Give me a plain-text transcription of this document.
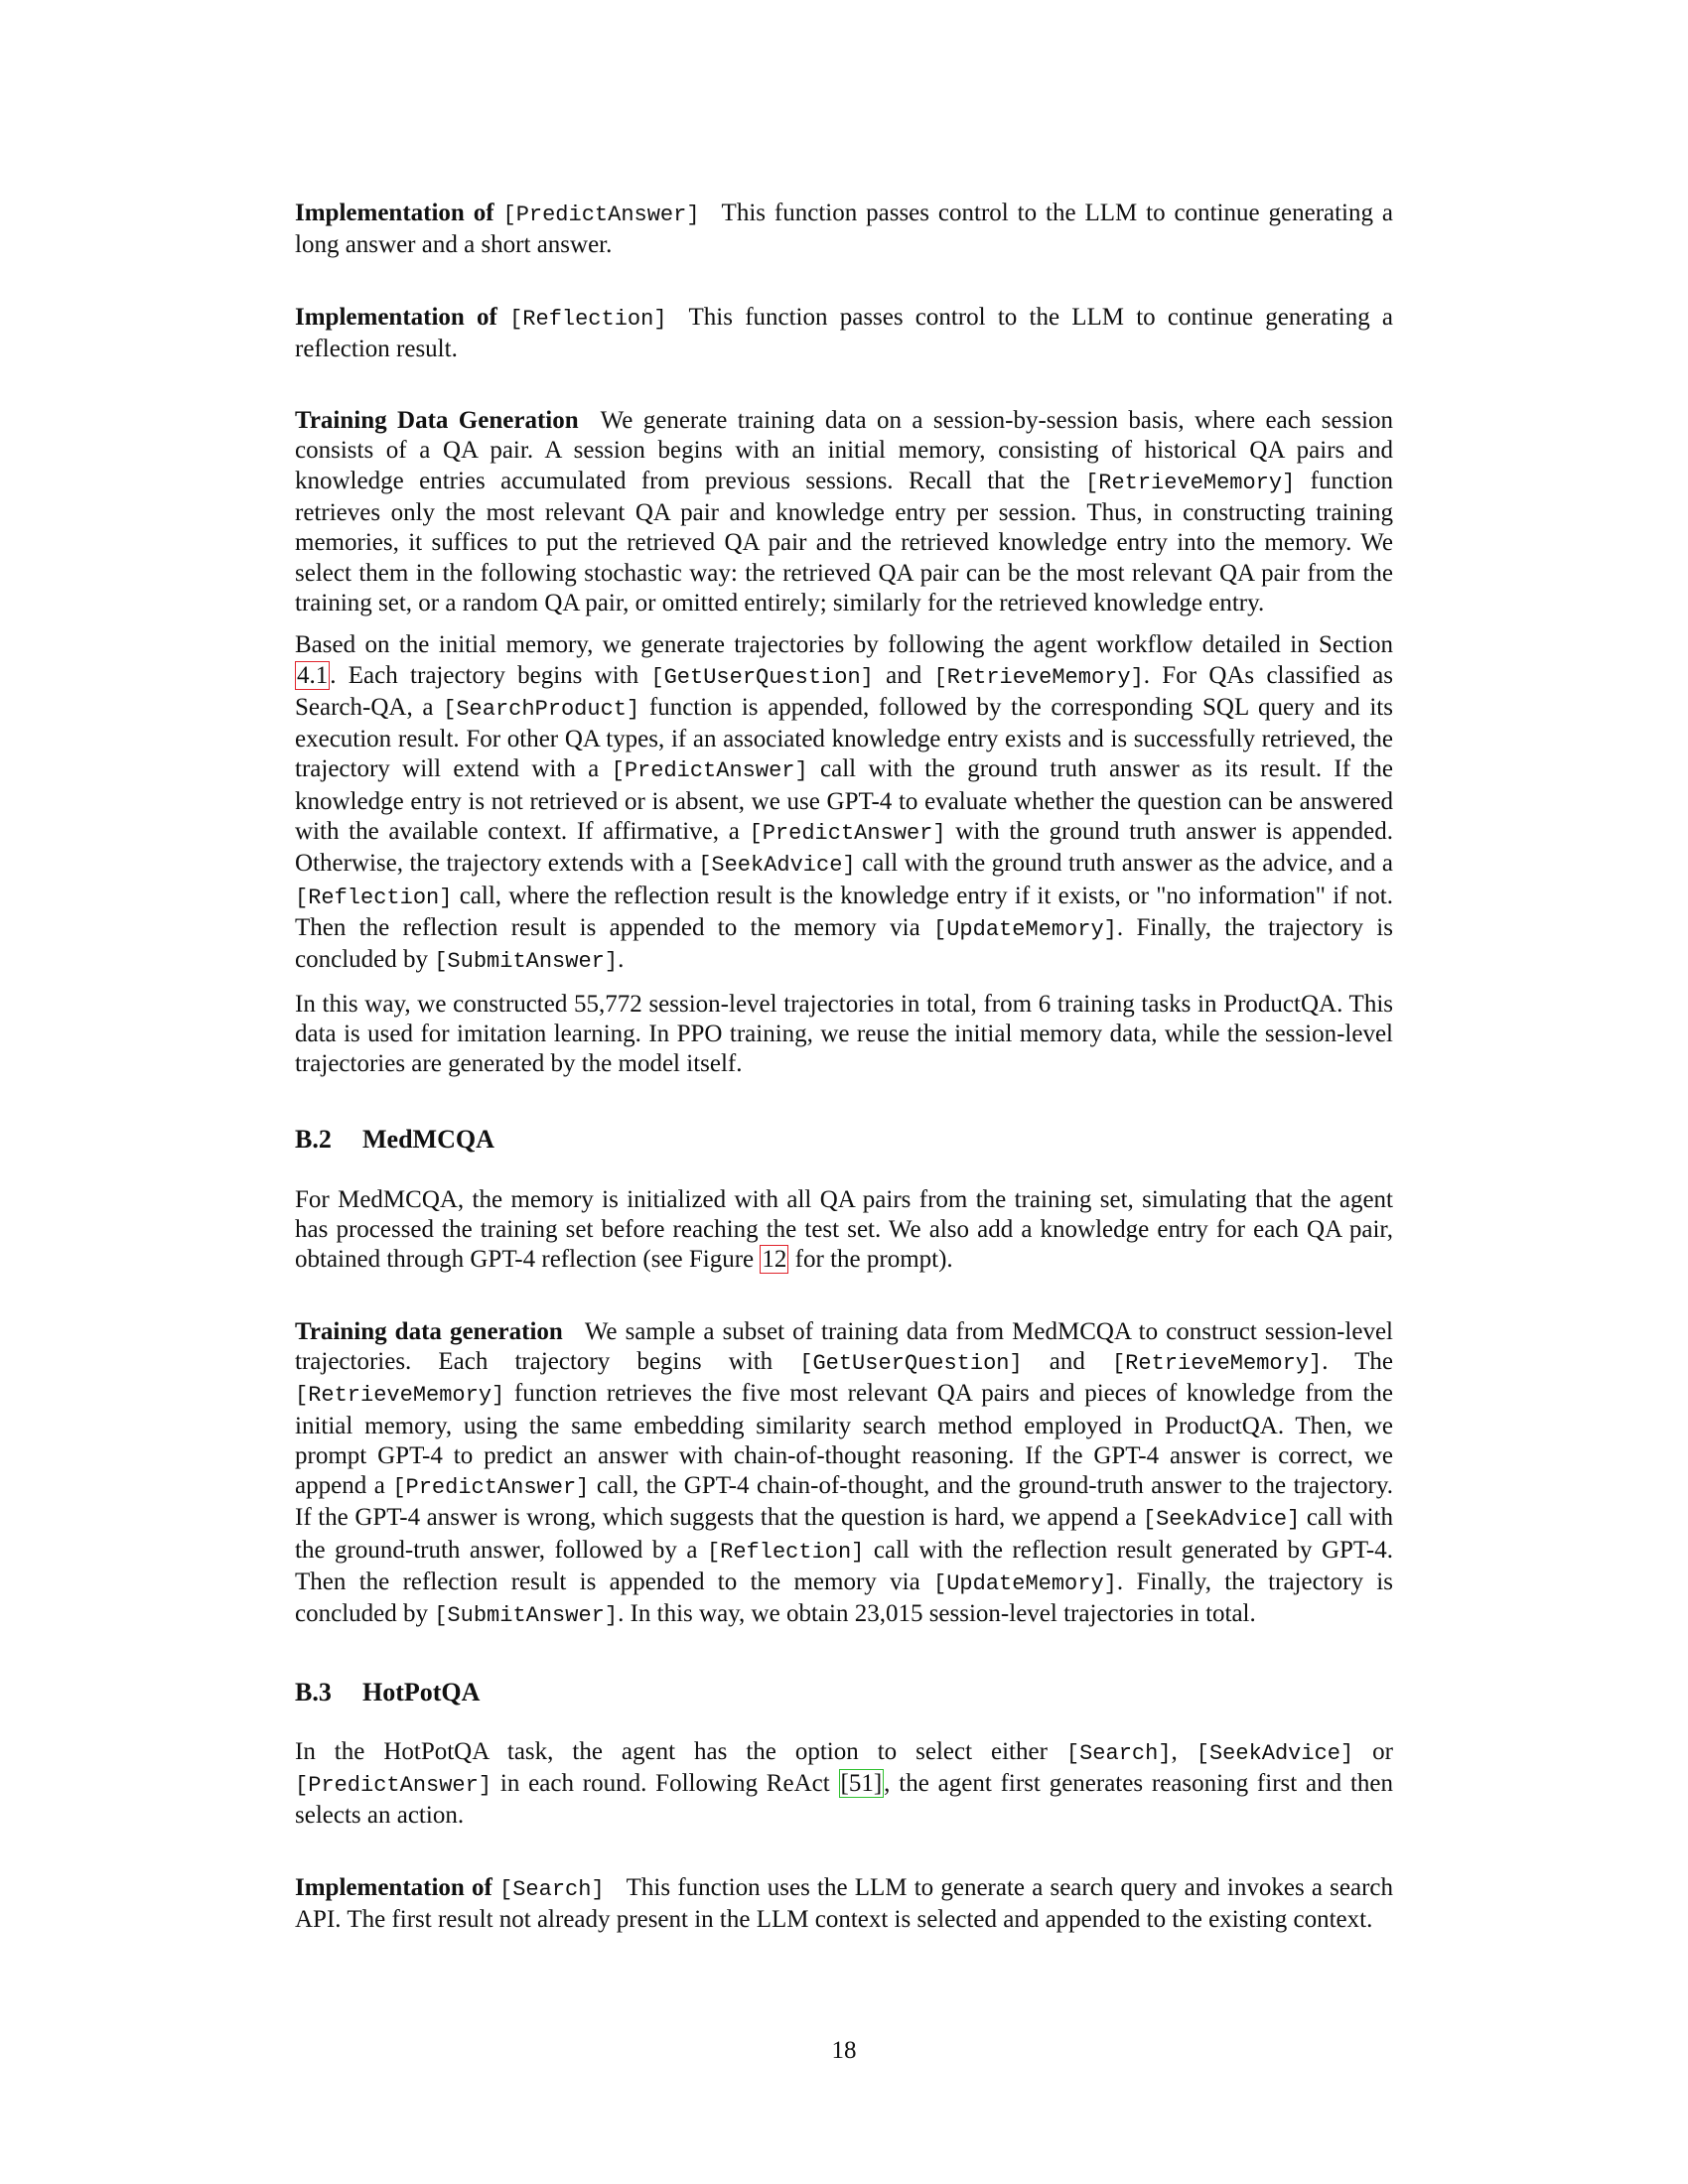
Implementation of [PredictAnswer] This function passes control to the LLM to continue generating a long answer and a short answer.

Implementation of [Reflection] This function passes control to the LLM to continue generating a reflection result.

Training Data Generation We generate training data on a session-by-session basis, where each session consists of a QA pair. A session begins with an initial memory, consisting of historical QA pairs and knowledge entries accumulated from previous sessions. Recall that the [RetrieveMemory] function retrieves only the most relevant QA pair and knowledge entry per session. Thus, in constructing training memories, it suffices to put the retrieved QA pair and the retrieved knowledge entry into the memory. We select them in the following stochastic way: the retrieved QA pair can be the most relevant QA pair from the training set, or a random QA pair, or omitted entirely; similarly for the retrieved knowledge entry.

Based on the initial memory, we generate trajectories by following the agent workflow detailed in Section 4.1. Each trajectory begins with [GetUserQuestion] and [RetrieveMemory]. For QAs classified as Search-QA, a [SearchProduct] function is appended, followed by the corresponding SQL query and its execution result. For other QA types, if an associated knowledge entry exists and is successfully retrieved, the trajectory will extend with a [PredictAnswer] call with the ground truth answer as its result. If the knowledge entry is not retrieved or is absent, we use GPT-4 to evaluate whether the question can be answered with the available context. If affirmative, a [PredictAnswer] with the ground truth answer is appended. Otherwise, the trajectory extends with a [SeekAdvice] call with the ground truth answer as the advice, and a [Reflection] call, where the reflection result is the knowledge entry if it exists, or "no information" if not. Then the reflection result is appended to the memory via [UpdateMemory]. Finally, the trajectory is concluded by [SubmitAnswer].

In this way, we constructed 55,772 session-level trajectories in total, from 6 training tasks in ProductQA. This data is used for imitation learning. In PPO training, we reuse the initial memory data, while the session-level trajectories are generated by the model itself.

B.2 MedMCQA

For MedMCQA, the memory is initialized with all QA pairs from the training set, simulating that the agent has processed the training set before reaching the test set. We also add a knowledge entry for each QA pair, obtained through GPT-4 reflection (see Figure 12 for the prompt).

Training data generation We sample a subset of training data from MedMCQA to construct session-level trajectories. Each trajectory begins with [GetUserQuestion] and [RetrieveMemory]. The [RetrieveMemory] function retrieves the five most relevant QA pairs and pieces of knowledge from the initial memory, using the same embedding similarity search method employed in ProductQA. Then, we prompt GPT-4 to predict an answer with chain-of-thought reasoning. If the GPT-4 answer is correct, we append a [PredictAnswer] call, the GPT-4 chain-of-thought, and the ground-truth answer to the trajectory. If the GPT-4 answer is wrong, which suggests that the question is hard, we append a [SeekAdvice] call with the ground-truth answer, followed by a [Reflection] call with the reflection result generated by GPT-4. Then the reflection result is appended to the memory via [UpdateMemory]. Finally, the trajectory is concluded by [SubmitAnswer]. In this way, we obtain 23,015 session-level trajectories in total.

B.3 HotPotQA

In the HotPotQA task, the agent has the option to select either [Search], [SeekAdvice] or [PredictAnswer] in each round. Following ReAct [51], the agent first generates reasoning first and then selects an action.

Implementation of [Search] This function uses the LLM to generate a search query and invokes a search API. The first result not already present in the LLM context is selected and appended to the existing context.

18
